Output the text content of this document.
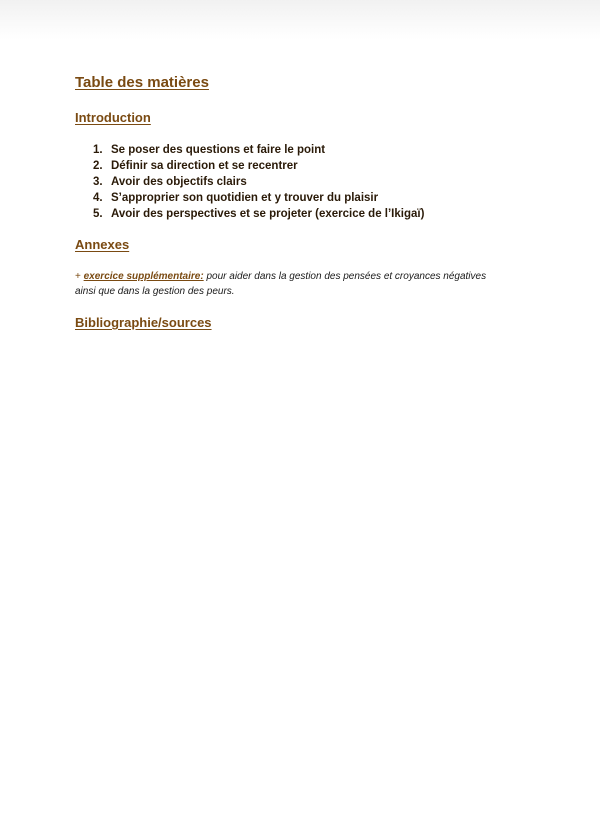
Table des matières
Introduction
1. Se poser des questions et faire le point
2. Définir sa direction et se recentrer
3. Avoir des objectifs clairs
4. S’approprier son quotidien et y trouver du plaisir
5. Avoir des perspectives et se projeter (exercice de l’Ikigaï)
Annexes

+ exercice supplémentaire: pour aider dans la gestion des pensées et croyances négatives ainsi que dans la gestion des peurs.

Bibliographie/sources
